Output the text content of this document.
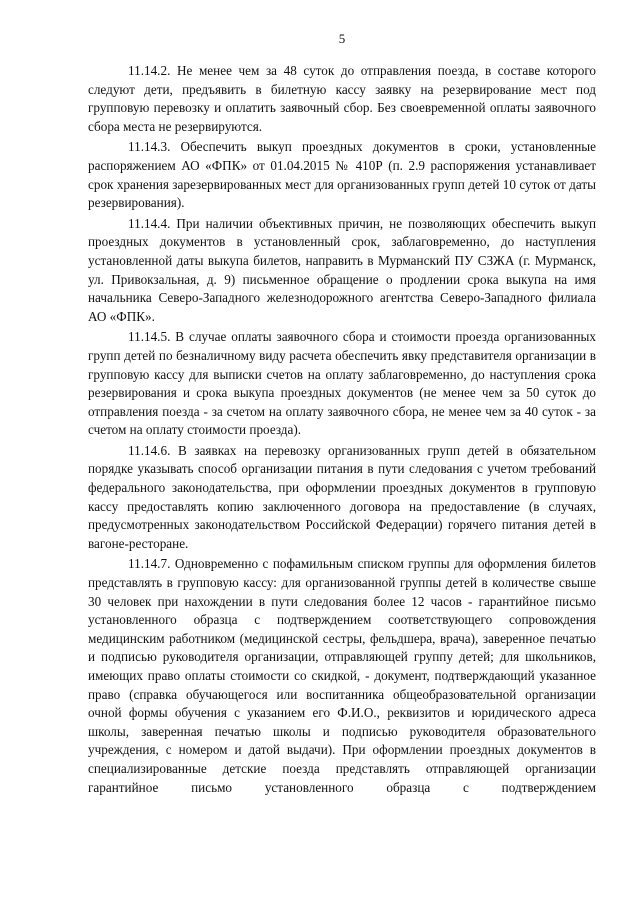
5

11.14.2. Не менее чем за 48 суток до отправления поезда, в составе которого следуют дети, предъявить в билетную кассу заявку на резервирование мест под групповую перевозку и оплатить заявочный сбор. Без своевременной оплаты заявочного сбора места не резервируются.

11.14.3. Обеспечить выкуп проездных документов в сроки, установленные распоряжением АО «ФПК» от 01.04.2015 № 410Р (п. 2.9 распоряжения устанавливает срок хранения зарезервированных мест для организованных групп детей 10 суток от даты резервирования).

11.14.4. При наличии объективных причин, не позволяющих обеспечить выкуп проездных документов в установленный срок, заблаговременно, до наступления установленной даты выкупа билетов, направить в Мурманский ПУ СЗЖА (г. Мурманск, ул. Привокзальная, д. 9) письменное обращение о продлении срока выкупа на имя начальника Северо-Западного железнодорожного агентства Северо-Западного филиала АО «ФПК».

11.14.5. В случае оплаты заявочного сбора и стоимости проезда организованных групп детей по безналичному виду расчета обеспечить явку представителя организации в групповую кассу для выписки счетов на оплату заблаговременно, до наступления срока резервирования и срока выкупа проездных документов (не менее чем за 50 суток до отправления поезда - за счетом на оплату заявочного сбора, не менее чем за 40 суток - за счетом на оплату стоимости проезда).

11.14.6. В заявках на перевозку организованных групп детей в обязательном порядке указывать способ организации питания в пути следования с учетом требований федерального законодательства, при оформлении проездных документов в групповую кассу предоставлять копию заключенного договора на предоставление (в случаях, предусмотренных законодательством Российской Федерации) горячего питания детей в вагоне-ресторане.

11.14.7. Одновременно с пофамильным списком группы для оформления билетов представлять в групповую кассу: для организованной группы детей в количестве свыше 30 человек при нахождении в пути следования более 12 часов - гарантийное письмо установленного образца с подтверждением соответствующего сопровождения медицинским работником (медицинской сестры, фельдшера, врача), заверенное печатью и подписью руководителя организации, отправляющей группу детей; для школьников, имеющих право оплаты стоимости со скидкой, - документ, подтверждающий указанное право (справка обучающегося или воспитанника общеобразовательной организации очной формы обучения с указанием его Ф.И.О., реквизитов и юридического адреса школы, заверенная печатью школы и подписью руководителя образовательного учреждения, с номером и датой выдачи). При оформлении проездных документов в специализированные детские поезда представлять отправляющей организации гарантийное письмо установленного образца с подтверждением
